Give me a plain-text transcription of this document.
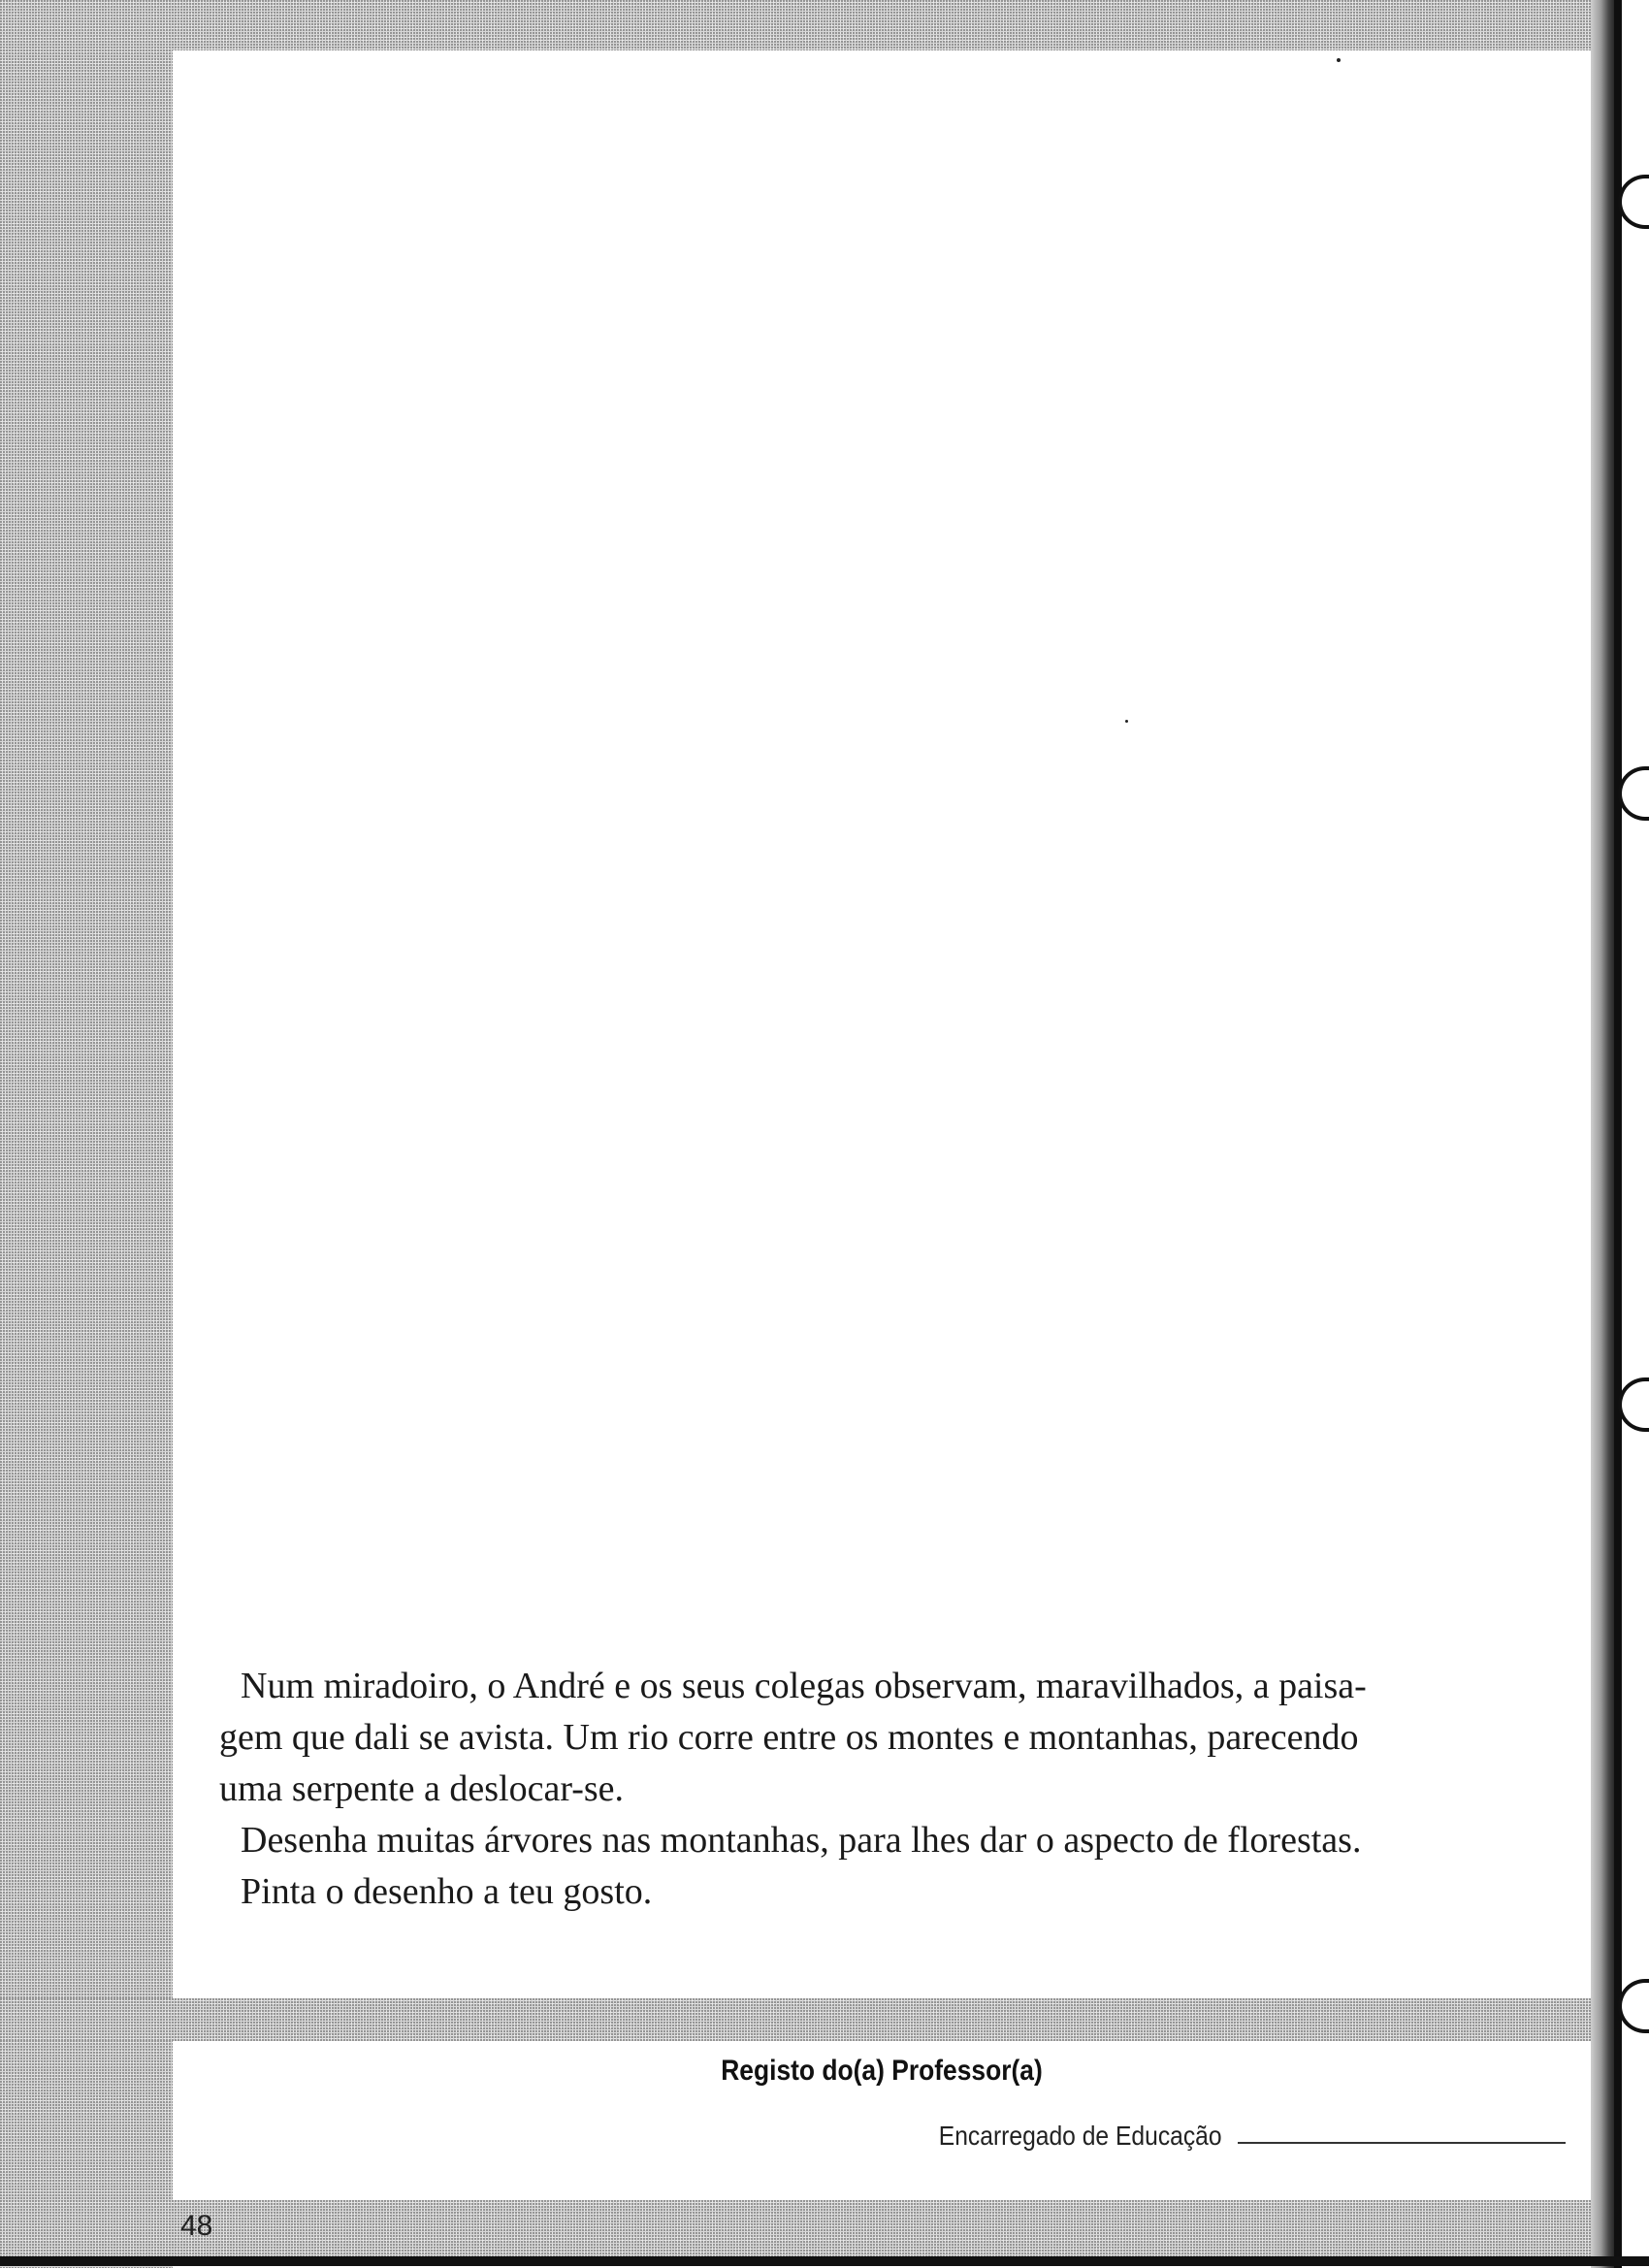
Num miradoiro, o André e os seus colegas observam, maravilhados, a paisa-

gem que dali se avista. Um rio corre entre os montes e montanhas, parecendo

uma serpente a deslocar-se.

Desenha muitas árvores nas montanhas, para lhes dar o aspecto de florestas.

Pinta o desenho a teu gosto.

Registo do(a) Professor(a)
Encarregado de Educação
48
